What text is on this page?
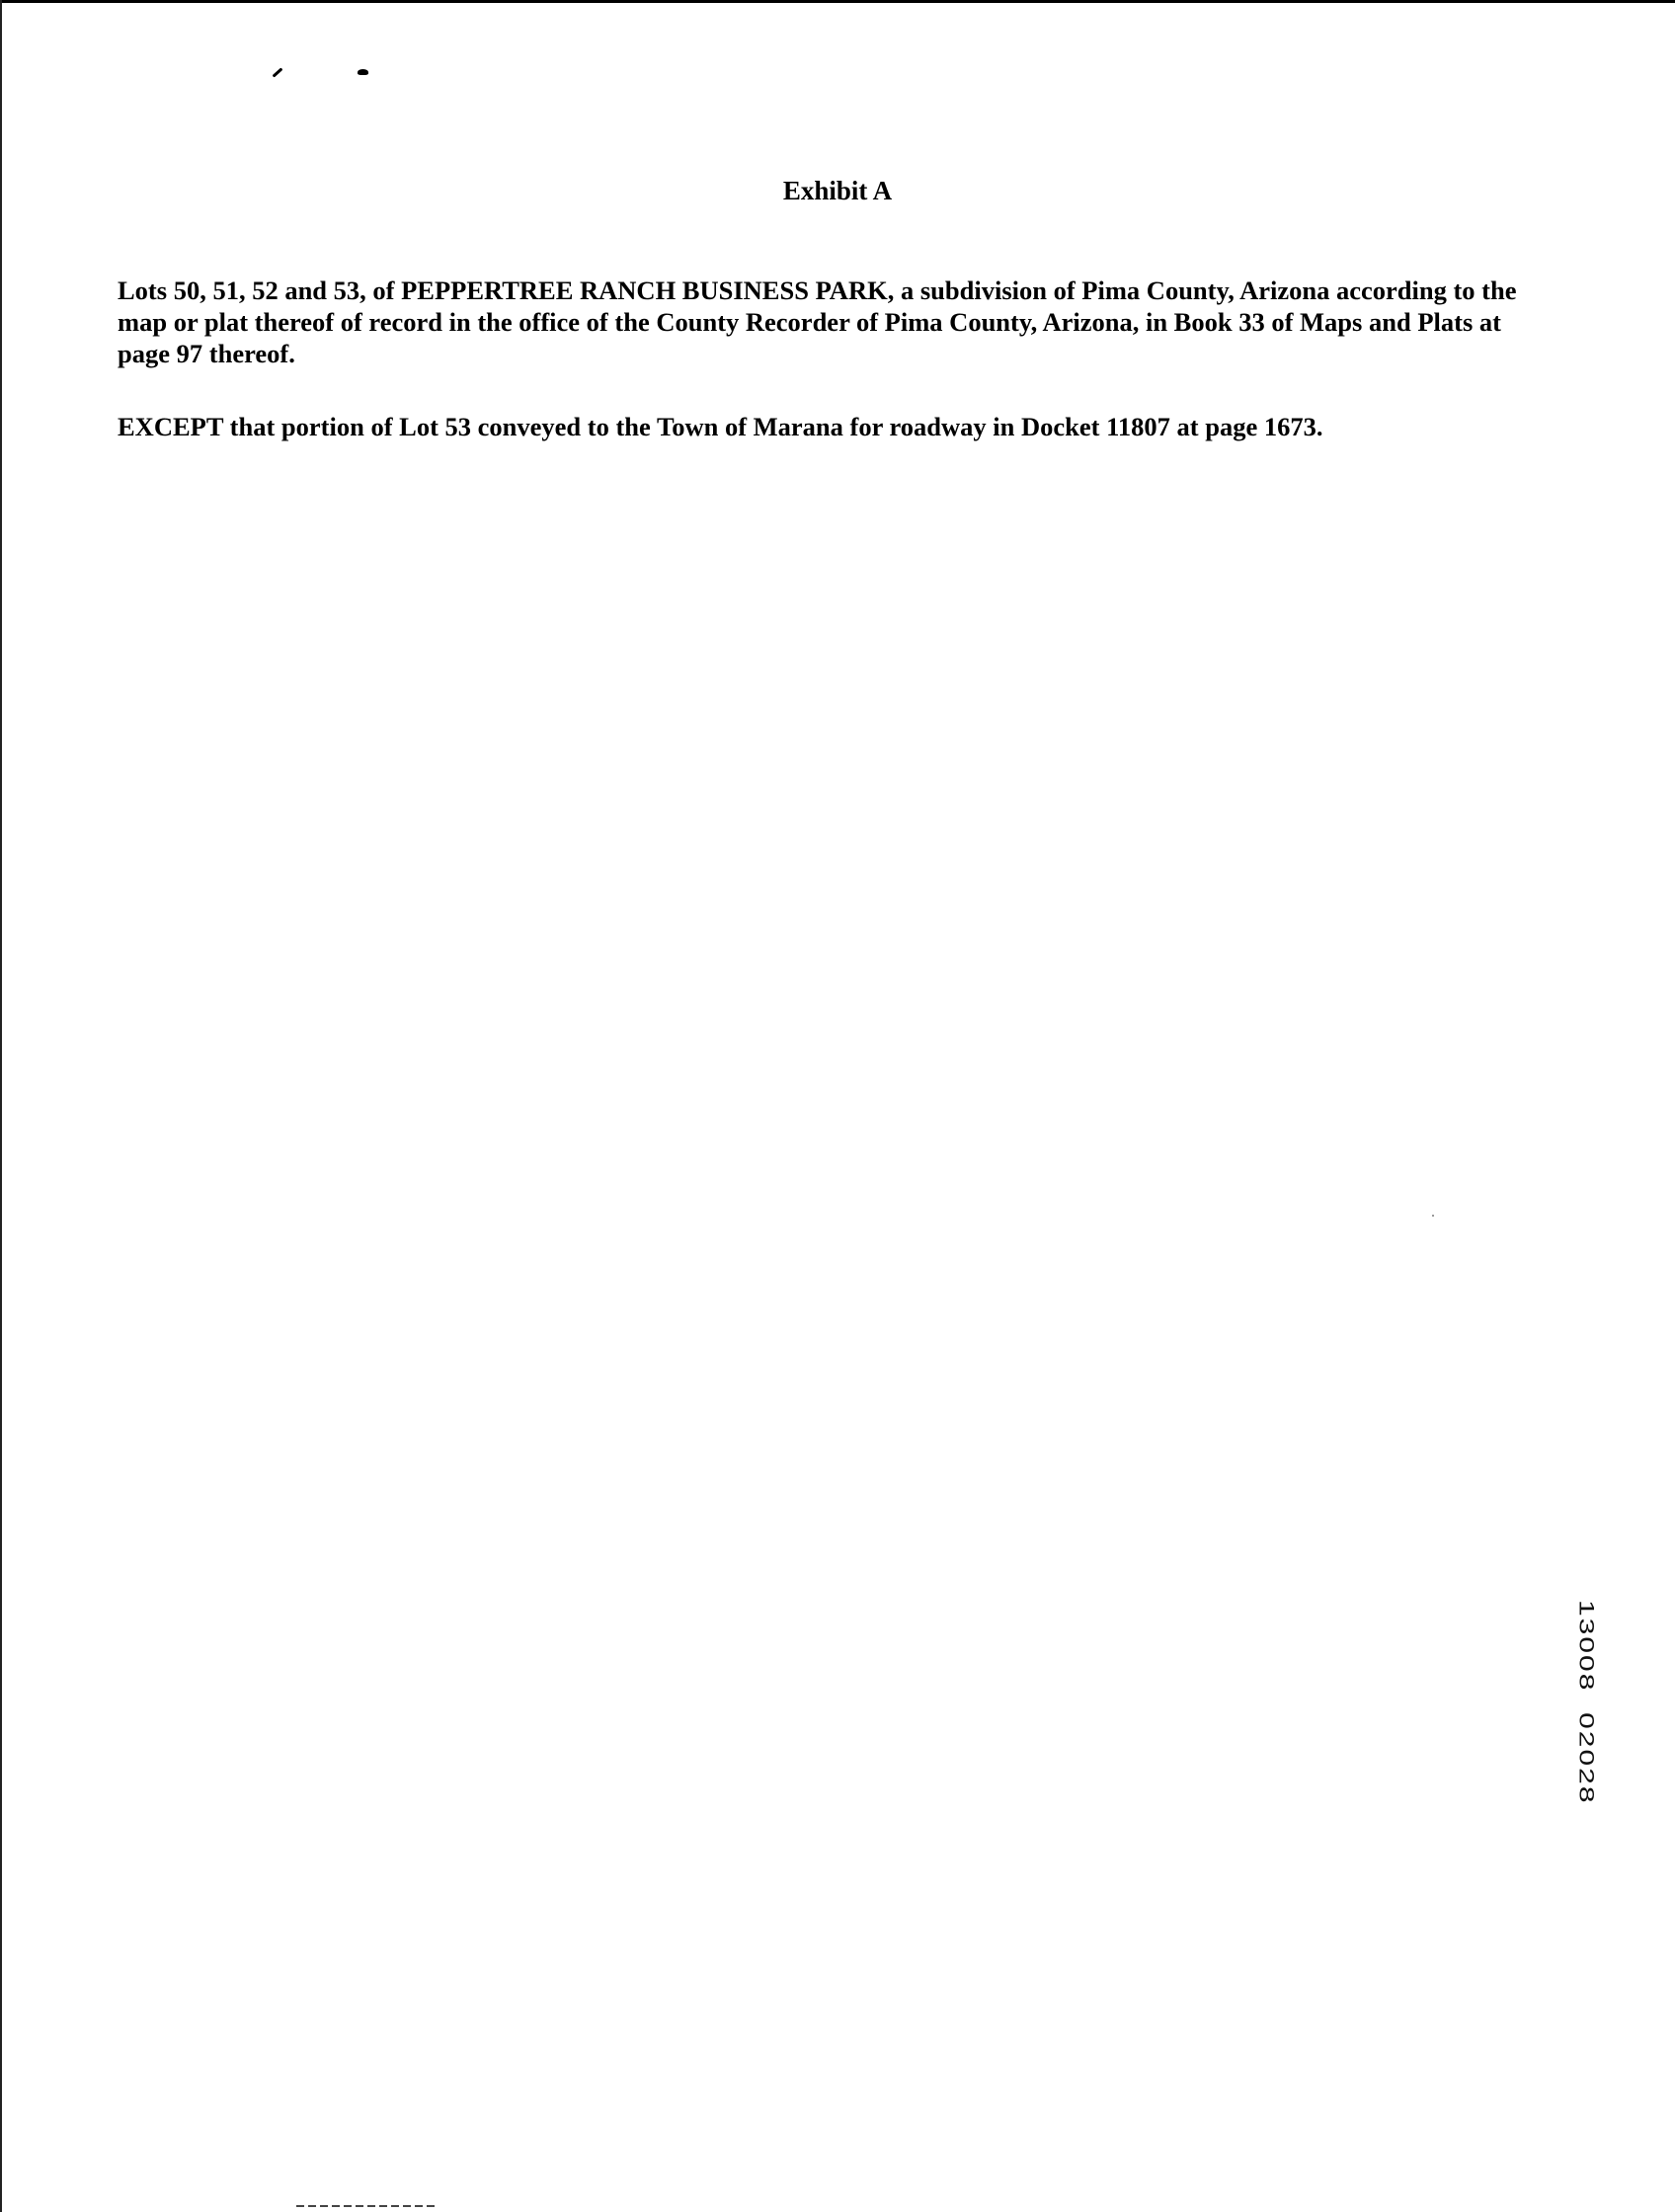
Exhibit A

Lots 50, 51, 52 and 53, of PEPPERTREE RANCH BUSINESS PARK, a subdivision of Pima County, Arizona according to the map or plat thereof of record in the office of the County Recorder of Pima County, Arizona, in Book 33 of Maps and Plats at page 97 thereof.

EXCEPT that portion of Lot 53 conveyed to the Town of Marana for roadway in Docket 11807 at page 1673.

13008  02028
